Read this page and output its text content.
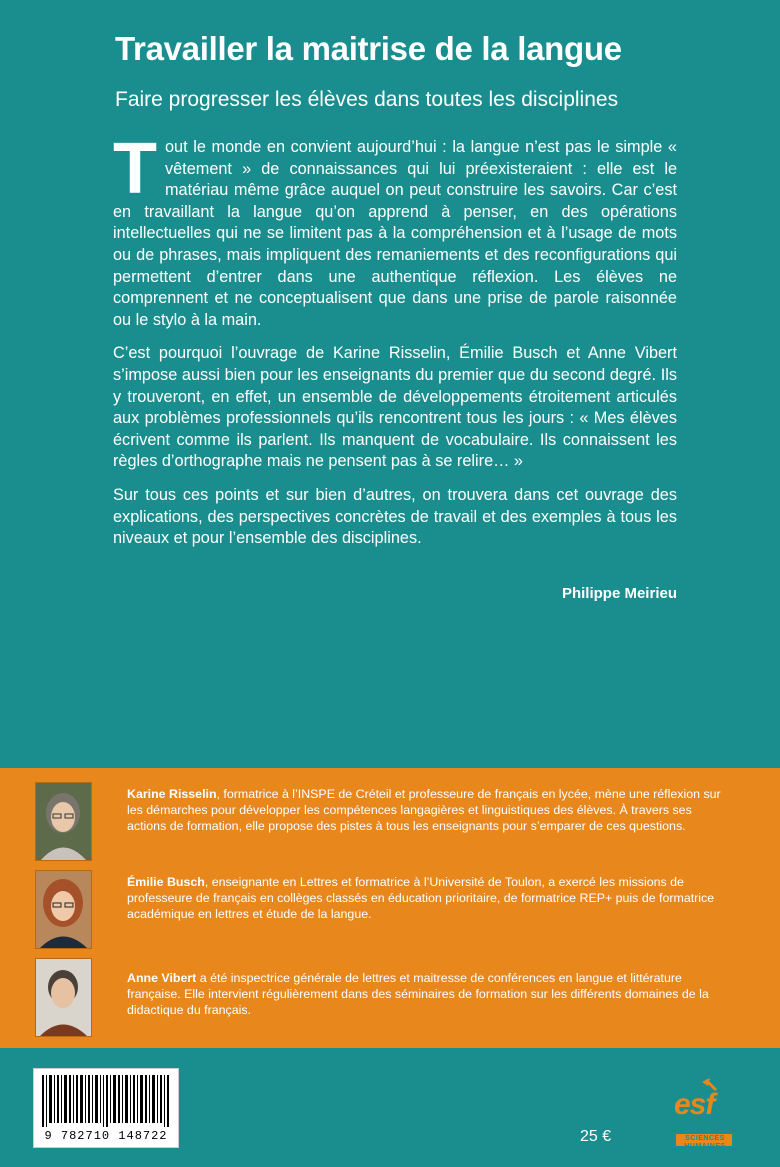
Travailler la maitrise de la langue
Faire progresser les élèves dans toutes les disciplines

Tout le monde en convient aujourd’hui : la langue n’est pas le simple « vêtement » de connaissances qui lui préexisteraient : elle est le matériau même grâce auquel on peut construire les savoirs. Car c’est en travaillant la langue qu’on apprend à penser, en des opérations intellectuelles qui ne se limitent pas à la compréhension et à l’usage de mots ou de phrases, mais impliquent des remaniements et des reconfigurations qui permettent d’entrer dans une authentique réflexion. Les élèves ne comprennent et ne conceptualisent que dans une prise de parole raisonnée ou le stylo à la main.

C’est pourquoi l’ouvrage de Karine Risselin, Émilie Busch et Anne Vibert s’impose aussi bien pour les enseignants du premier que du second degré. Ils y trouveront, en effet, un ensemble de développements étroitement articulés aux problèmes professionnels qu’ils rencontrent tous les jours : « Mes élèves écrivent comme ils parlent. Ils manquent de vocabulaire. Ils connaissent les règles d’orthographe mais ne pensent pas à se relire… »

Sur tous ces points et sur bien d’autres, on trouvera dans cet ouvrage des explications, des perspectives concrètes de travail et des exemples à tous les niveaux et pour l’ensemble des disciplines.

Philippe Meirieu
Karine Risselin, formatrice à l’INSPE de Créteil et professeure de français en lycée, mène une réflexion sur les démarches pour développer les compétences langagières et linguistiques des élèves. À travers ses actions de formation, elle propose des pistes à tous les enseignants pour s’emparer de ces questions.
Émilie Busch, enseignante en Lettres et formatrice à l’Université de Toulon, a exercé les missions de professeure de français en collèges classés en éducation prioritaire, de formatrice REP+ puis de formatrice académique en lettres et étude de la langue.
Anne Vibert a été inspectrice générale de lettres et maitresse de conférences en langue et littérature française. Elle intervient régulièrement dans des séminaires de formation sur les différents domaines de la didactique du français.
9 782710 148722	25 €
esf
SCIENCES HUMAINES
